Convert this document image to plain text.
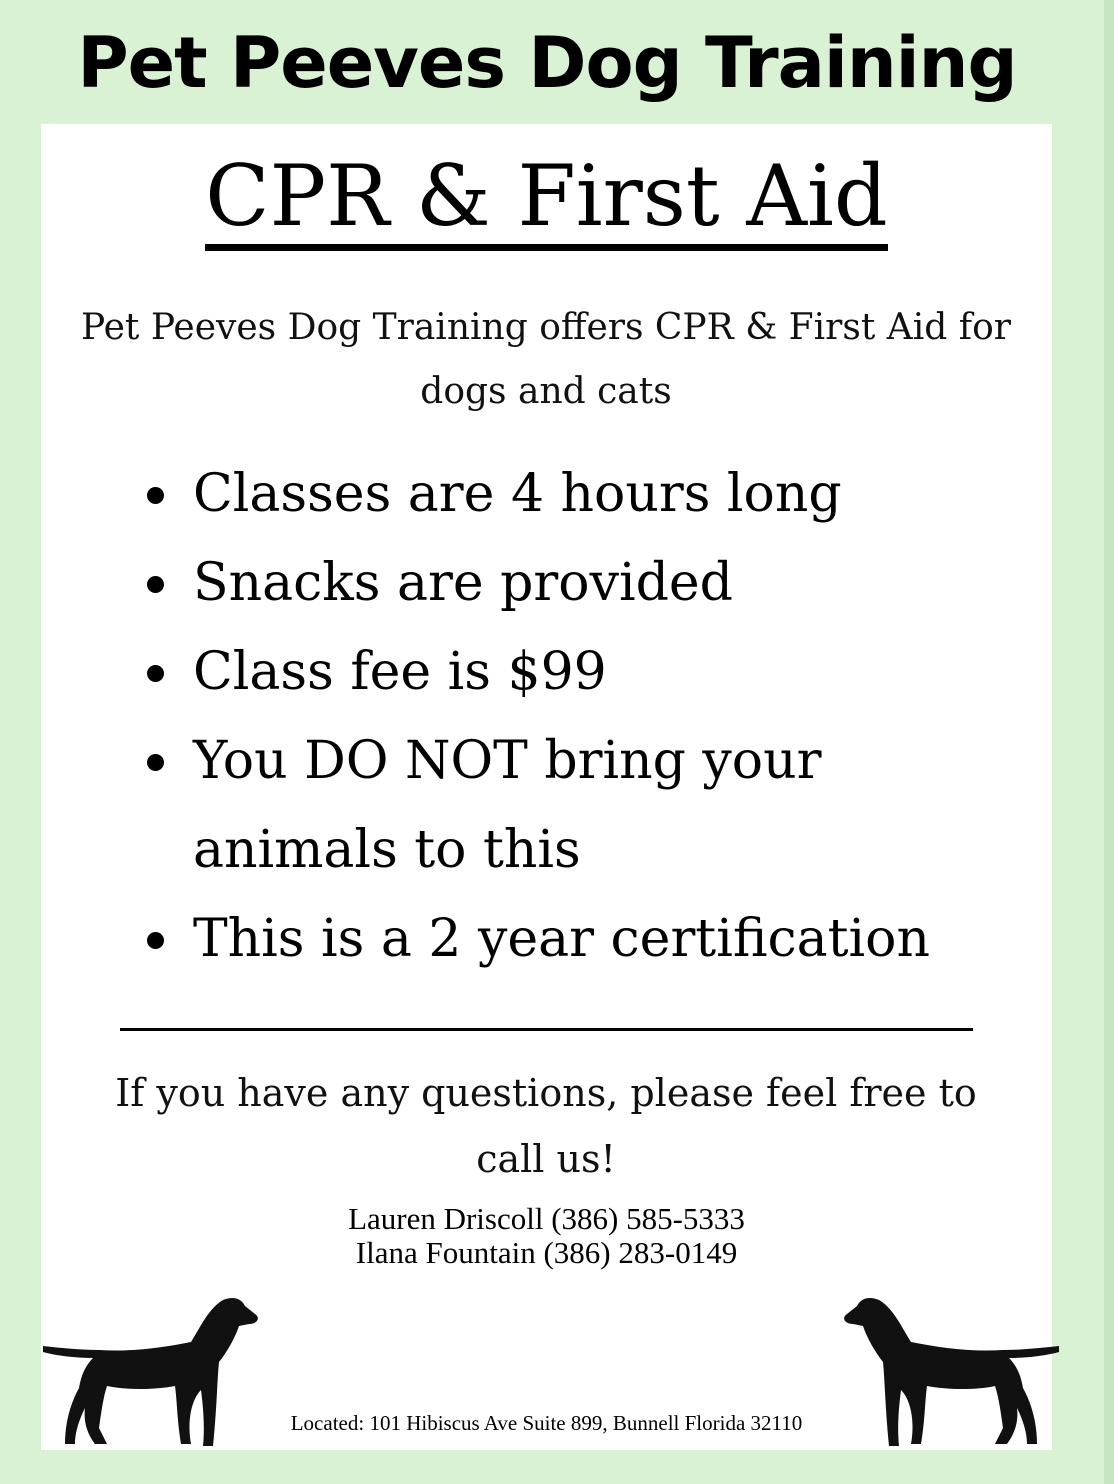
Pet Peeves Dog Training
CPR & First Aid
Pet Peeves Dog Training offers CPR & First Aid for dogs and cats
Classes are 4 hours long
Snacks are provided
Class fee is $99
You DO NOT bring your animals to this
This is a 2 year certification
If you have any questions, please feel free to call us!
Lauren Driscoll (386) 585-5333
Ilana Fountain (386) 283-0149
Located: 101 Hibiscus Ave Suite 899, Bunnell Florida 32110
